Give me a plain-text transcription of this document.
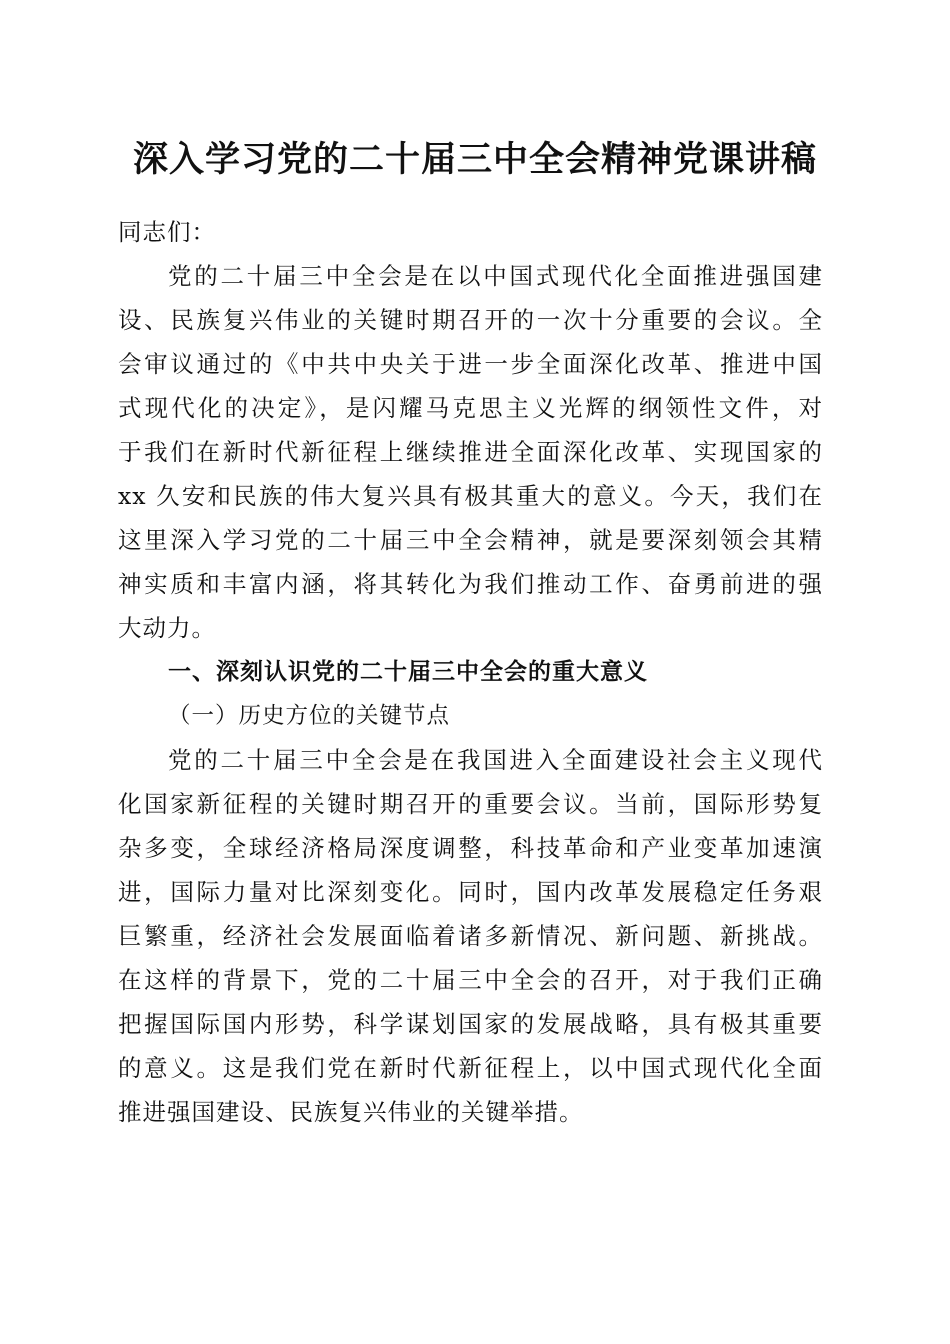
深入学习党的二十届三中全会精神党课讲稿

同志们：

党的二十届三中全会是在以中国式现代化全面推进强国建

设、民族复兴伟业的关键时期召开的一次十分重要的会议。全

会审议通过的《中共中央关于进一步全面深化改革、推进中国

式现代化的决定》，是闪耀马克思主义光辉的纲领性文件，对

于我们在新时代新征程上继续推进全面深化改革、实现国家的

xx 久安和民族的伟大复兴具有极其重大的意义。今天，我们在

这里深入学习党的二十届三中全会精神，就是要深刻领会其精

神实质和丰富内涵，将其转化为我们推动工作、奋勇前进的强

大动力。

一、深刻认识党的二十届三中全会的重大意义

（一）历史方位的关键节点

党的二十届三中全会是在我国进入全面建设社会主义现代

化国家新征程的关键时期召开的重要会议。当前，国际形势复

杂多变，全球经济格局深度调整，科技革命和产业变革加速演

进，国际力量对比深刻变化。同时，国内改革发展稳定任务艰

巨繁重，经济社会发展面临着诸多新情况、新问题、新挑战。

在这样的背景下，党的二十届三中全会的召开，对于我们正确

把握国际国内形势，科学谋划国家的发展战略，具有极其重要

的意义。这是我们党在新时代新征程上，以中国式现代化全面

推进强国建设、民族复兴伟业的关键举措。
